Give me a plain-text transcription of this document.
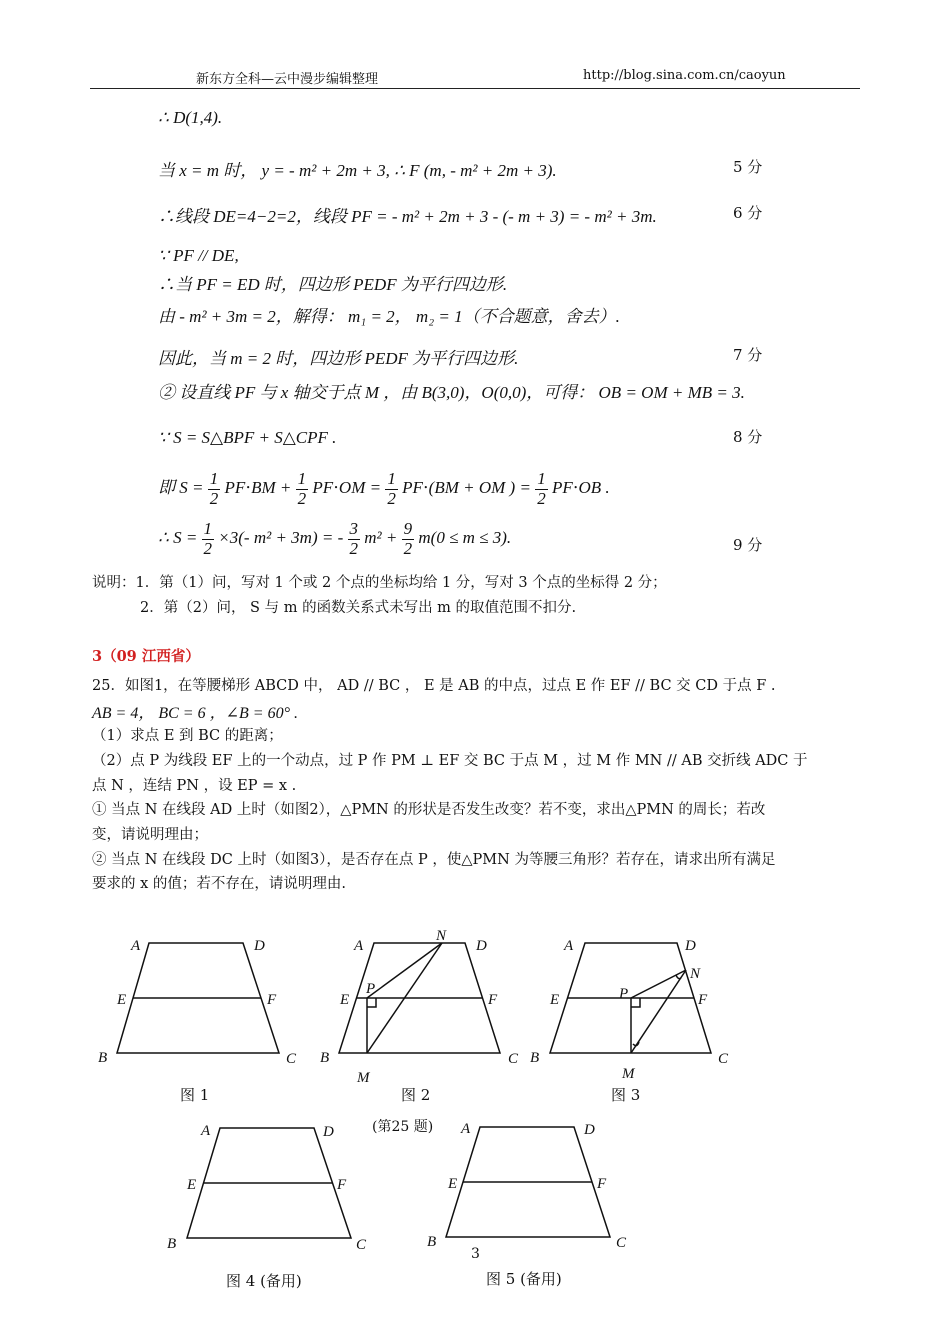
新东方全科—云中漫步编辑整理	http://blog.sina.com.cn/caoyun
∴ D(1,4).
当 x = m 时， y = - m² + 2m + 3, ∴ F (m, - m² + 2m + 3).	5 分
∴线段 DE=4−2=2，线段 PF = - m² + 2m + 3 - (- m + 3) = - m² + 3m.	6 分
∵ PF // DE,
∴当 PF = ED 时，四边形 PEDF 为平行四边形.
由 - m² + 3m = 2，解得： m₁ = 2， m₂ = 1（不合题意，舍去）.
因此，当 m = 2 时，四边形 PEDF 为平行四边形.	7 分
② 设直线 PF 与 x 轴交于点 M ，由 B(3,0)，O(0,0)，可得： OB = OM + MB = 3.
∵ S = S△BPF + S△CPF .	8 分
即 $S = \frac{1}{2} PF\cdot BM + \frac{1}{2} PF\cdot OM = \frac{1}{2} PF\cdot(BM$ + OM ) = $\frac{1}{2} PF\cdot OB$ .
∴ $S = \frac{1}{2} \times 3(-$ m² + 3m) = - $\frac{3}{2} m^2 + \frac{9}{2} m(0 \le m \le 3)$.	9 分
说明：1．第（1）问，写对 1 个或 2 个点的坐标均给 1 分，写对 3 个点的坐标得 2 分；
2．第（2）问， S 与 m 的函数关系式未写出 m 的取值范围不扣分.
3（09 江西省）
25．如图1，在等腰梯形 ABCD 中， AD // BC ， E 是 AB 的中点，过点 E 作 EF // BC 交 CD 于点 F .
AB = 4， BC = 6 ，∠B = 60° .
（1）求点 E 到 BC 的距离；
（2）点 P 为线段 EF 上的一个动点，过 P 作 PM ⊥ EF 交 BC 于点 M ，过 M 作 MN // AB 交折线 ADC 于
点 N ，连结 PN ，设 EP = x .
① 当点 N 在线段 AD 上时（如图2），△PMN 的形状是否发生改变？若不变，求出△PMN 的周长；若改
变，请说明理由；
② 当点 N 在线段 DC 上时（如图3），是否存在点 P ，使△PMN 为等腰三角形？若存在，请求出所有满足
要求的 x 的值；若不存在，请说明理由.
A	D
E	F
B	C
A
N
D
E
P
F
B	C
M
A	D
N
E	P	F
B	C
M
A	D
E	F
B	C
A	D
E	F
B	C
图 1	图 2	图 3
(第25 题)
图 4 (备用)	图 5 (备用)
3
